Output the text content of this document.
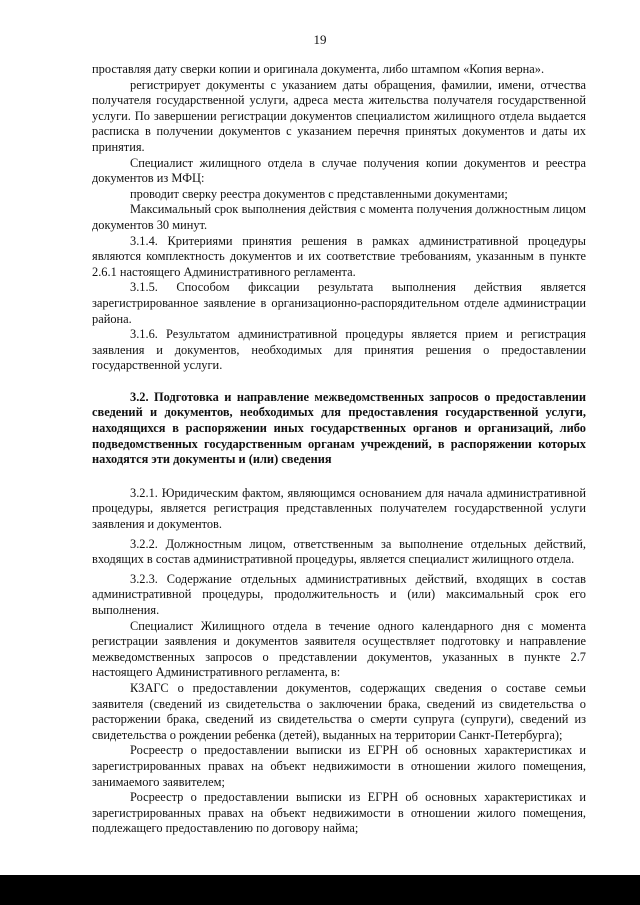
19

проставляя дату сверки копии и оригинала документа, либо штампом «Копия верна».

регистрирует документы с указанием даты обращения, фамилии, имени, отчества получателя государственной услуги, адреса места жительства получателя государственной услуги. По завершении регистрации документов специалистом жилищного отдела выдается расписка в получении документов с указанием перечня принятых документов и даты их принятия.

Специалист жилищного отдела в случае получения копии документов и реестра документов из МФЦ:

проводит сверку реестра документов с представленными документами;

Максимальный срок выполнения действия с момента получения должностным лицом документов 30 минут.

3.1.4. Критериями принятия решения в рамках административной процедуры являются комплектность документов и их соответствие требованиям, указанным в пункте 2.6.1 настоящего Административного регламента.

3.1.5. Способом фиксации результата выполнения действия является зарегистрированное заявление в организационно-распорядительном отделе администрации района.

3.1.6. Результатом административной процедуры является прием и регистрация заявления и документов, необходимых для принятия решения о предоставлении государственной услуги.

3.2. Подготовка и направление межведомственных запросов о предоставлении сведений и документов, необходимых для предоставления государственной услуги, находящихся в распоряжении иных государственных органов и организаций, либо подведомственных государственным органам учреждений, в распоряжении которых находятся эти документы и (или) сведения

3.2.1. Юридическим фактом, являющимся основанием для начала административной процедуры, является регистрация представленных получателем государственной услуги заявления и документов.

3.2.2. Должностным лицом, ответственным за выполнение отдельных действий, входящих в состав административной процедуры, является специалист жилищного отдела.

3.2.3. Содержание отдельных административных действий, входящих в состав административной процедуры, продолжительность и (или) максимальный срок его выполнения.

Специалист Жилищного отдела в течение одного календарного дня с момента регистрации заявления и документов заявителя осуществляет подготовку и направление межведомственных запросов о представлении документов, указанных в пункте 2.7 настоящего Административного регламента, в:

КЗАГС о предоставлении документов, содержащих сведения о составе семьи заявителя (сведений из свидетельства о заключении брака, сведений из свидетельства о расторжении брака, сведений из свидетельства о смерти супруга (супруги), сведений из свидетельства о рождении ребенка (детей), выданных на территории Санкт-Петербурга);

Росреестр о предоставлении выписки из ЕГРН об основных характеристиках и зарегистрированных правах на объект недвижимости в отношении жилого помещения, занимаемого заявителем;

Росреестр о предоставлении выписки из ЕГРН об основных характеристиках и зарегистрированных правах на объект недвижимости в отношении жилого помещения, подлежащего предоставлению по договору найма;
